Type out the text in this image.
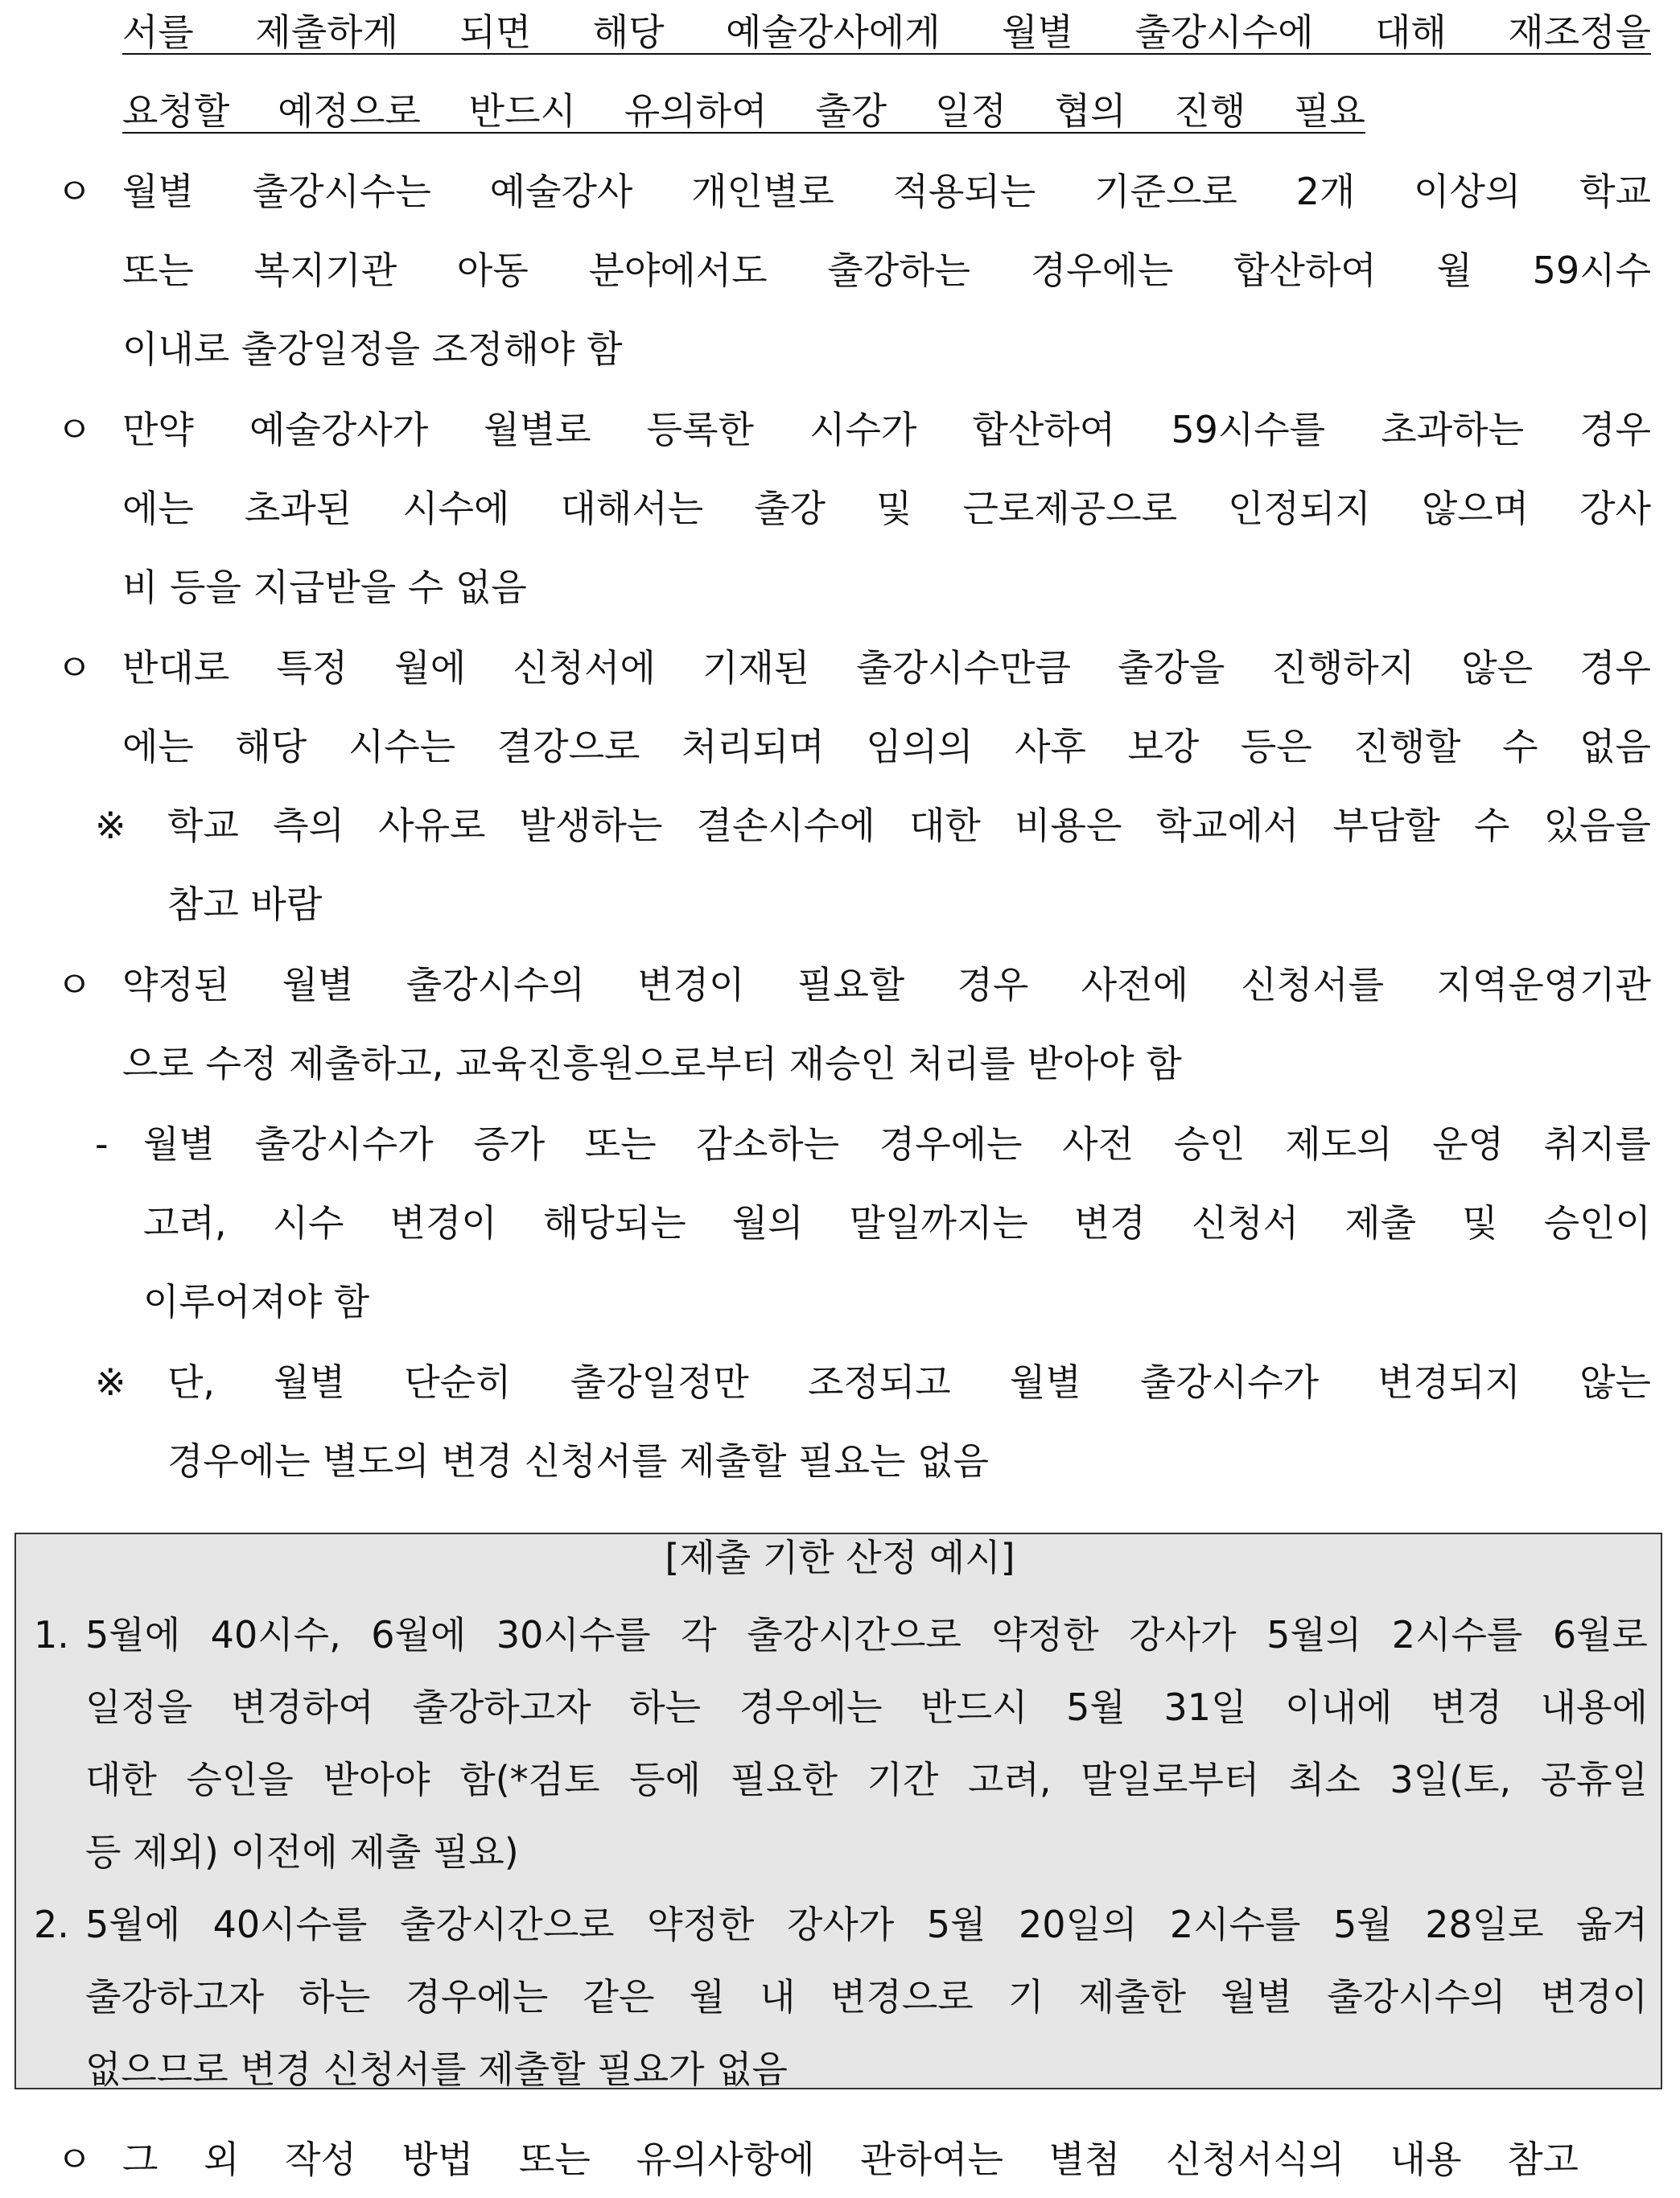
서를 제출하게 되면 해당 예술강사에게 월별 출강시수에 대해 재조정을
요청할 예정으로 반드시 유의하여 출강 일정 협의 진행 필요
ㅇ 월별 출강시수는 예술강사 개인별로 적용되는 기준으로 2개 이상의 학교
또는 복지기관 아동 분야에서도 출강하는 경우에는 합산하여 월 59시수
이내로 출강일정을 조정해야 함
ㅇ 만약 예술강사가 월별로 등록한 시수가 합산하여 59시수를 초과하는 경우
에는 초과된 시수에 대해서는 출강 및 근로제공으로 인정되지 않으며 강사
비 등을 지급받을 수 없음
ㅇ 반대로 특정 월에 신청서에 기재된 출강시수만큼 출강을 진행하지 않은 경우
에는 해당 시수는 결강으로 처리되며 임의의 사후 보강 등은 진행할 수 없음
※ 학교 측의 사유로 발생하는 결손시수에 대한 비용은 학교에서 부담할 수 있음을
참고 바람
ㅇ 약정된 월별 출강시수의 변경이 필요할 경우 사전에 신청서를 지역운영기관
으로 수정 제출하고, 교육진흥원으로부터 재승인 처리를 받아야 함
- 월별 출강시수가 증가 또는 감소하는 경우에는 사전 승인 제도의 운영 취지를
고려, 시수 변경이 해당되는 월의 말일까지는 변경 신청서 제출 및 승인이
이루어져야 함
※ 단, 월별 단순히 출강일정만 조정되고 월별 출강시수가 변경되지 않는
경우에는 별도의 변경 신청서를 제출할 필요는 없음
[제출 기한 산정 예시]
1. 5월에 40시수, 6월에 30시수를 각 출강시간으로 약정한 강사가 5월의 2시수를 6월로
일정을 변경하여 출강하고자 하는 경우에는 반드시 5월 31일 이내에 변경 내용에
대한 승인을 받아야 함(*검토 등에 필요한 기간 고려, 말일로부터 최소 3일(토, 공휴일
등 제외) 이전에 제출 필요)
2. 5월에 40시수를 출강시간으로 약정한 강사가 5월 20일의 2시수를 5월 28일로 옮겨
출강하고자 하는 경우에는 같은 월 내 변경으로 기 제출한 월별 출강시수의 변경이
없으므로 변경 신청서를 제출할 필요가 없음
ㅇ 그 외 작성 방법 또는 유의사항에 관하여는 별첨 신청서식의 내용 참고
